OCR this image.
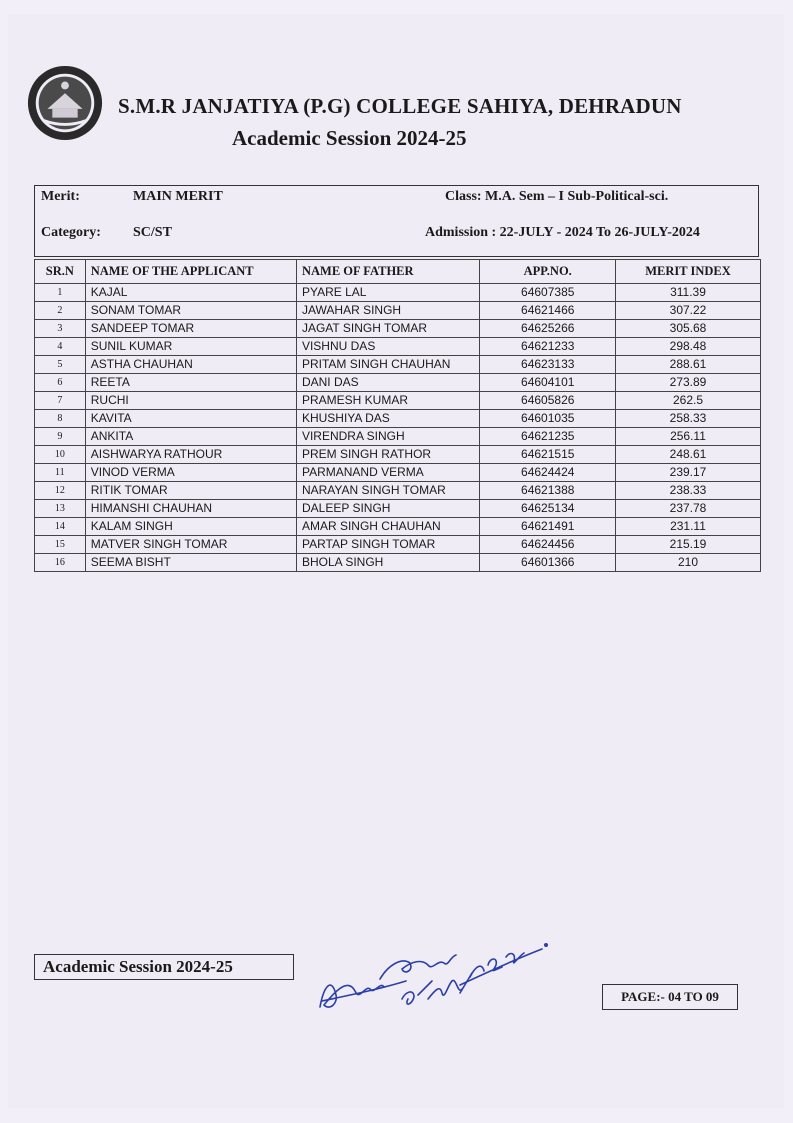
S.M.R JANJATIYA (P.G) COLLEGE SAHIYA, DEHRADUN
Academic Session 2024-25
Merit:	MAIN MERIT	Class: M.A. Sem – I Sub-Political-sci.
Category: SC/ST	Admission : 22-JULY - 2024 To 26-JULY-2024
SR.N	NAME OF THE APPLICANT	NAME OF FATHER	APP.NO.	MERIT INDEX
1	KAJAL	PYARE LAL	64607385	311.39
2	SONAM TOMAR	JAWAHAR SINGH	64621466	307.22
3	SANDEEP TOMAR	JAGAT SINGH TOMAR	64625266	305.68
4	SUNIL KUMAR	VISHNU DAS	64621233	298.48
5	ASTHA CHAUHAN	PRITAM SINGH CHAUHAN	64623133	288.61
6	REETA	DANI DAS	64604101	273.89
7	RUCHI	PRAMESH KUMAR	64605826	262.5
8	KAVITA	KHUSHIYA DAS	64601035	258.33
9	ANKITA	VIRENDRA SINGH	64621235	256.11
10	AISHWARYA RATHOUR	PREM SINGH RATHOR	64621515	248.61
11	VINOD VERMA	PARMANAND VERMA	64624424	239.17
12	RITIK TOMAR	NARAYAN SINGH TOMAR	64621388	238.33
13	HIMANSHI CHAUHAN	DALEEP SINGH	64625134	237.78
14	KALAM SINGH	AMAR SINGH CHAUHAN	64621491	231.11
15	MATVER SINGH TOMAR	PARTAP SINGH TOMAR	64624456	215.19
16	SEEMA BISHT	BHOLA SINGH	64601366	210
Academic Session 2024-25
PAGE:- 04 TO 09
